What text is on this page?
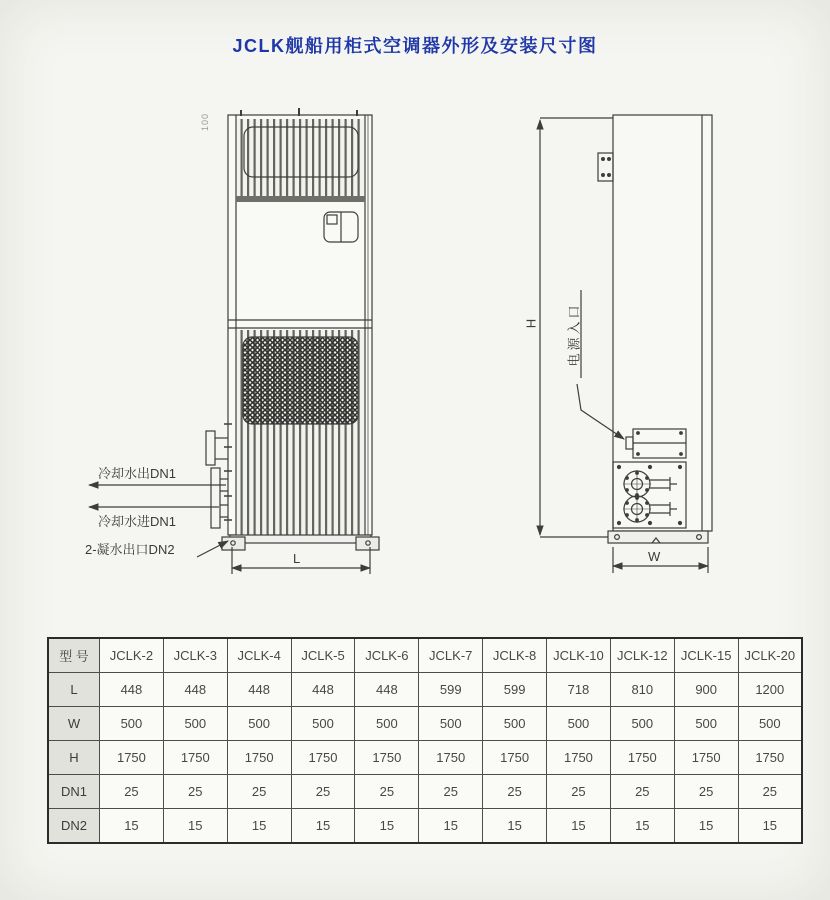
JCLK舰船用柜式空调器外形及安装尺寸图
冷却水出DN1
冷却水进DN1
2-凝水出口DN2
L	W
H 电源入口
100
型 号	JCLK-2	JCLK-3	JCLK-4	JCLK-5	JCLK-6	JCLK-7	JCLK-8	JCLK-10	JCLK-12	JCLK-15	JCLK-20
L	448	448	448	448	448	599	599	718	810	900	1200
W	500	500	500	500	500	500	500	500	500	500	500
H	1750	1750	1750	1750	1750	1750	1750	1750	1750	1750	1750
DN1	25	25	25	25	25	25	25	25	25	25	25
DN2	15	15	15	15	15	15	15	15	15	15	15
